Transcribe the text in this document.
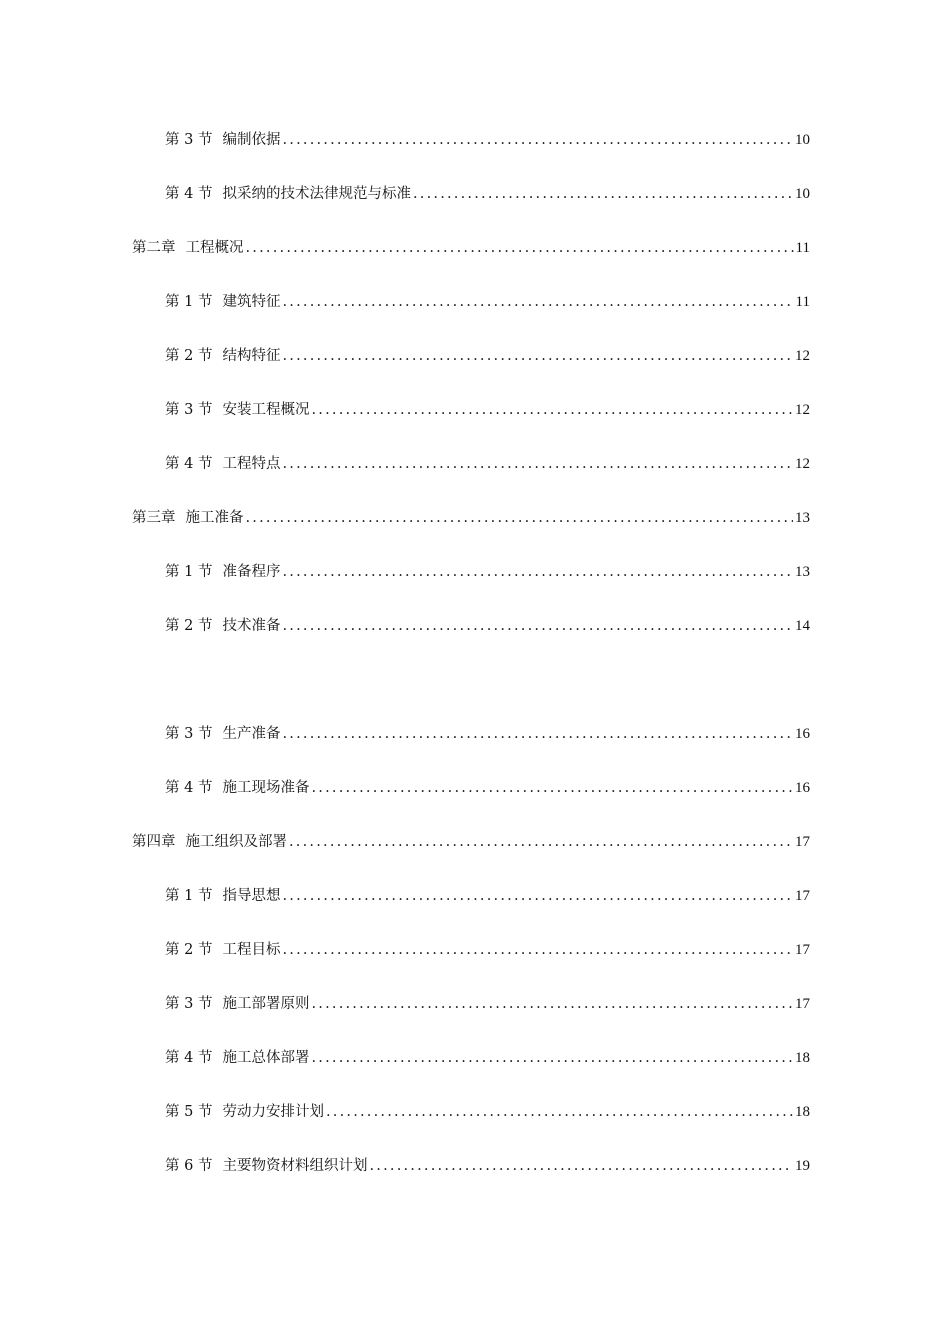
第 3 节 编制依据 .....	10
第 4 节 拟采纳的技术法律规范与标准 .....	10
第二章 工程概况 .....	11
第 1 节 建筑特征 .....	11
第 2 节 结构特征 .....	12
第 3 节 安装工程概况 .....	12
第 4 节 工程特点 .....	12
第三章 施工准备 .....	13
第 1 节 准备程序 .....	13
第 2 节 技术准备 .....	14
第 3 节 生产准备 .....	16
第 4 节 施工现场准备 .....	16
第四章 施工组织及部署 .....	17
第 1 节 指导思想 .....	17
第 2 节 工程目标 .....	17
第 3 节 施工部署原则 .....	17
第 4 节 施工总体部署 .....	18
第 5 节 劳动力安排计划 .....	18
第 6 节 主要物资材料组织计划 .....	19
